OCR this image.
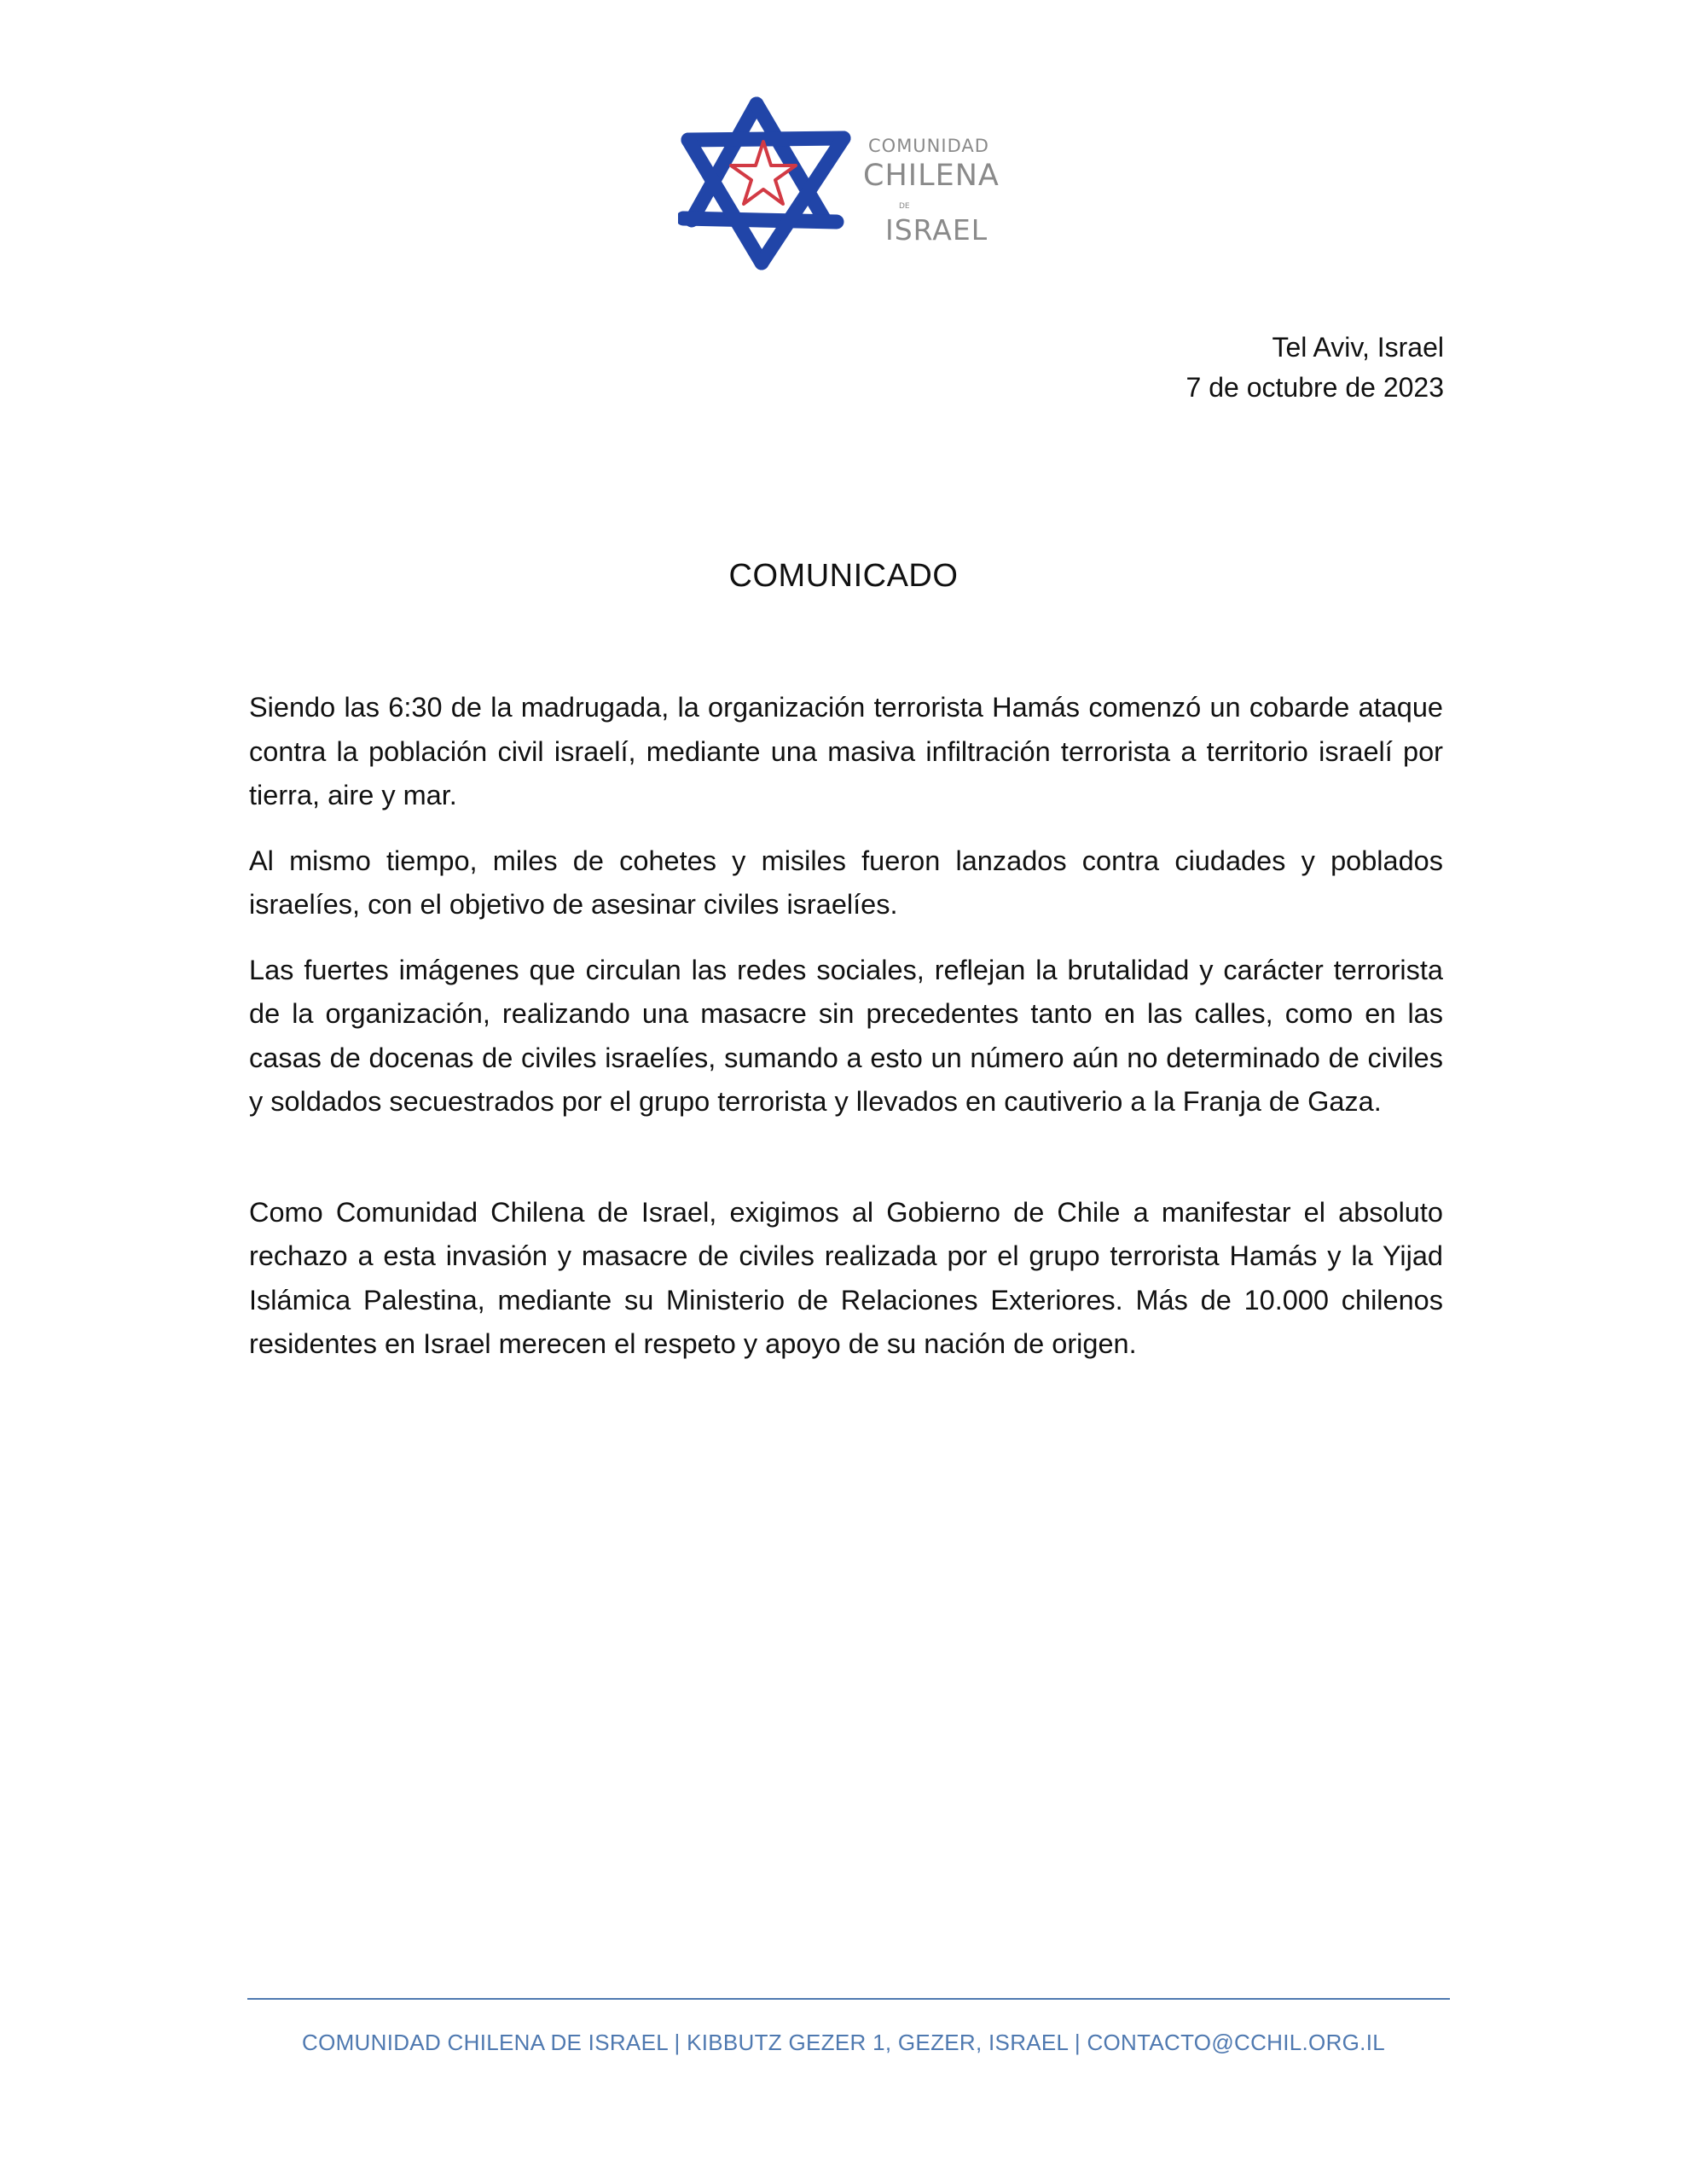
COMUNIDAD
CHILENA
DE
ISRAEL
Tel Aviv, Israel
7 de octubre de 2023
COMUNICADO

Siendo las 6:30 de la madrugada, la organización terrorista Hamás comenzó un cobarde ataque contra la población civil israelí, mediante una masiva infiltración terrorista a territorio israelí por tierra, aire y mar.

Al mismo tiempo, miles de cohetes y misiles fueron lanzados contra ciudades y poblados israelíes, con el objetivo de asesinar civiles israelíes.

Las fuertes imágenes que circulan las redes sociales, reflejan la brutalidad y carácter terrorista de la organización, realizando una masacre sin precedentes tanto en las calles, como en las casas de docenas de civiles israelíes, sumando a esto un número aún no determinado de civiles y soldados secuestrados por el grupo terrorista y llevados en cautiverio a la Franja de Gaza.

Como Comunidad Chilena de Israel, exigimos al Gobierno de Chile a manifestar el absoluto rechazo a esta invasión y masacre de civiles realizada por el grupo terrorista Hamás y la Yijad Islámica Palestina, mediante su Ministerio de Relaciones Exteriores. Más de 10.000 chilenos residentes en Israel merecen el respeto y apoyo de su nación de origen.

COMUNIDAD CHILENA DE ISRAEL | KIBBUTZ GEZER 1, GEZER, ISRAEL | CONTACTO@CCHIL.ORG.IL
